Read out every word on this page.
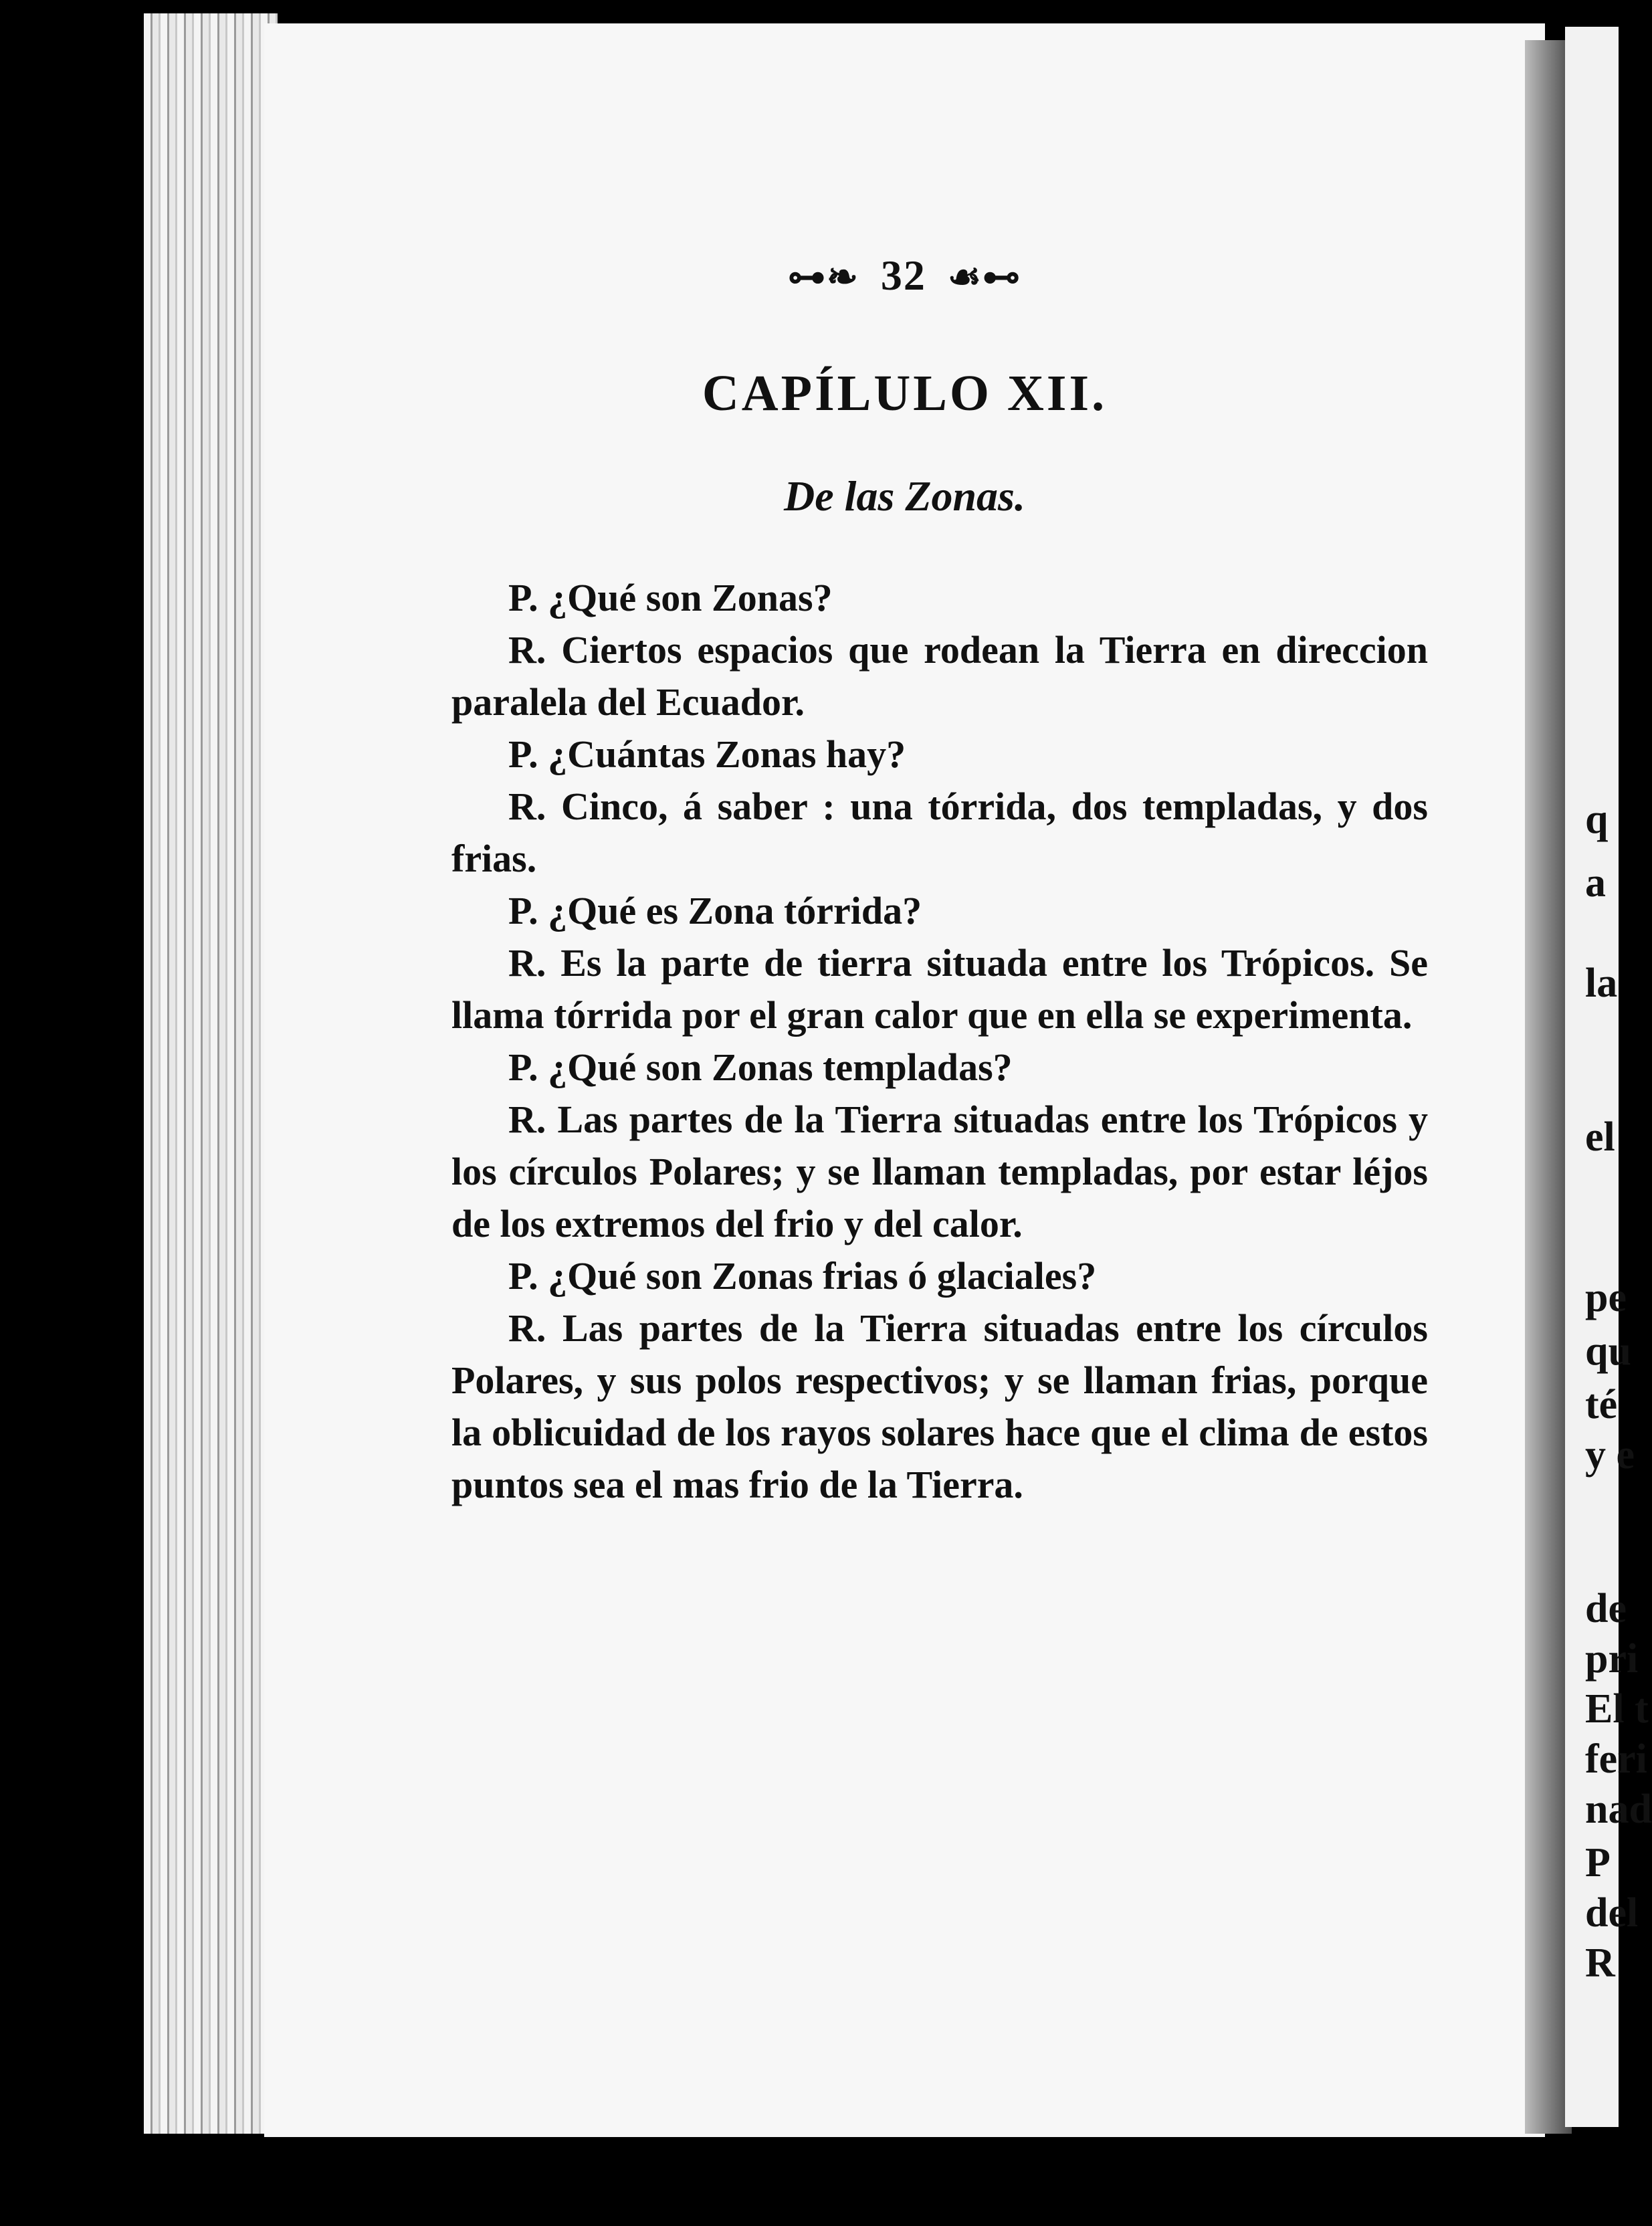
⊶❧ 32 ☙⊷
CAPÍLULO XII.
De las Zonas.

P. ¿Qué son Zonas?

R. Ciertos espacios que rodean la Tierra en direccion paralela del Ecuador.

P. ¿Cuántas Zonas hay?

R. Cinco, á saber : una tórrida, dos templadas, y dos frias.

P. ¿Qué es Zona tórrida?

R. Es la parte de tierra situada entre los Trópicos. Se llama tórrida por el gran calor que en ella se experimenta.

P. ¿Qué son Zonas templadas?

R. Las partes de la Tierra situadas entre los Trópicos y los círculos Polares; y se llaman templadas, por estar léjos de los extremos del frio y del calor.

P. ¿Qué son Zonas frias ó glaciales?

R. Las partes de la Tierra situadas entre los círculos Polares, y sus polos respectivos; y se llaman frias, porque la oblicuidad de los rayos solares hace que el clima de estos puntos sea el mas frio de la Tierra.

q
a
la
el
pe
qu
té
y e
de
pri
El t
feri
nad
P
del
R
